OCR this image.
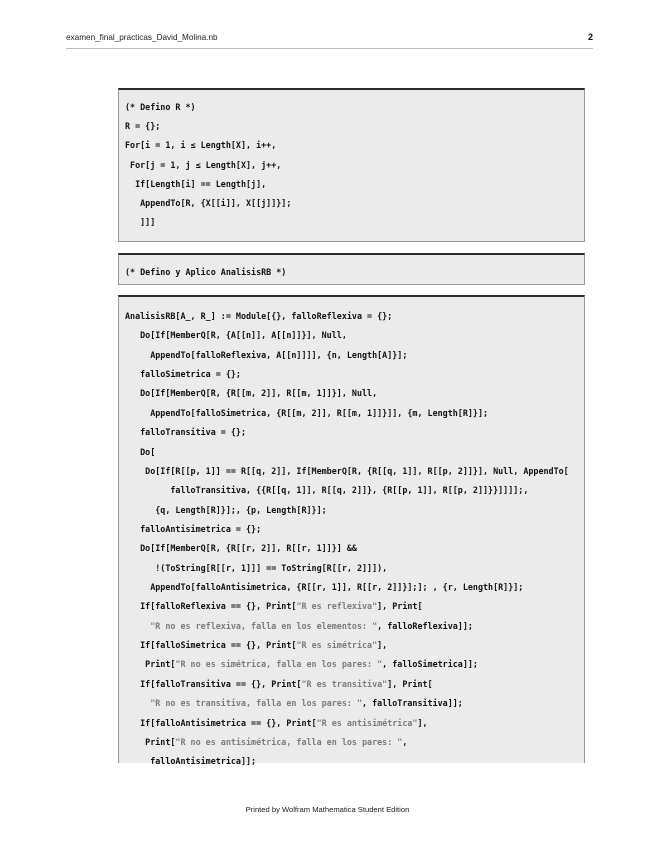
examen_final_practicas_David_Molina.nb	2
(* Defino R *)
R = {};
For[i = 1, i ≤ Length[X], i++,
For[j = 1, j ≤ Length[X], j++,
If[Length[i] == Length[j],
AppendTo[R, {X[[i]], X[[j]]}];
]]]
(* Defino y Aplico AnalisisRB *)
AnalisisRB[A_, R_] := Module[{}, falloReflexiva = {};
Do[If[MemberQ[R, {A[[n]], A[[n]]}], Null,
AppendTo[falloReflexiva, A[[n]]]], {n, Length[A]}];
falloSimetrica = {};
Do[If[MemberQ[R, {R[[m, 2]], R[[m, 1]]}], Null,
AppendTo[falloSimetrica, {R[[m, 2]], R[[m, 1]]}]], {m, Length[R]}];
falloTransitiva = {};
Do[
Do[If[R[[p, 1]] == R[[q, 2]], If[MemberQ[R, {R[[q, 1]], R[[p, 2]]}], Null, AppendTo[
falloTransitiva, {{R[[q, 1]], R[[q, 2]]}, {R[[p, 1]], R[[p, 2]]}}]]]];,
{q, Length[R]}];, {p, Length[R]}];
falloAntisimetrica = {};
Do[If[MemberQ[R, {R[[r, 2]], R[[r, 1]]}] &&
!(ToString[R[[r, 1]]] == ToString[R[[r, 2]]]),
AppendTo[falloAntisimetrica, {R[[r, 1]], R[[r, 2]]}];]; , {r, Length[R]}];
If[falloReflexiva == {}, Print["R es reflexiva"], Print[
"R no es reflexiva, falla en los elementos: ", falloReflexiva]];
If[falloSimetrica == {}, Print["R es simétrica"],
Print["R no es simétrica, falla en los pares: ", falloSimetrica]];
If[falloTransitiva == {}, Print["R es transitiva"], Print[
"R no es transitiva, falla en los pares: ", falloTransitiva]];
If[falloAntisimetrica == {}, Print["R es antisimétrica"],
Print["R no es antisimétrica, falla en los pares: ",
falloAntisimetrica]];
Printed by Wolfram Mathematica Student Edition
